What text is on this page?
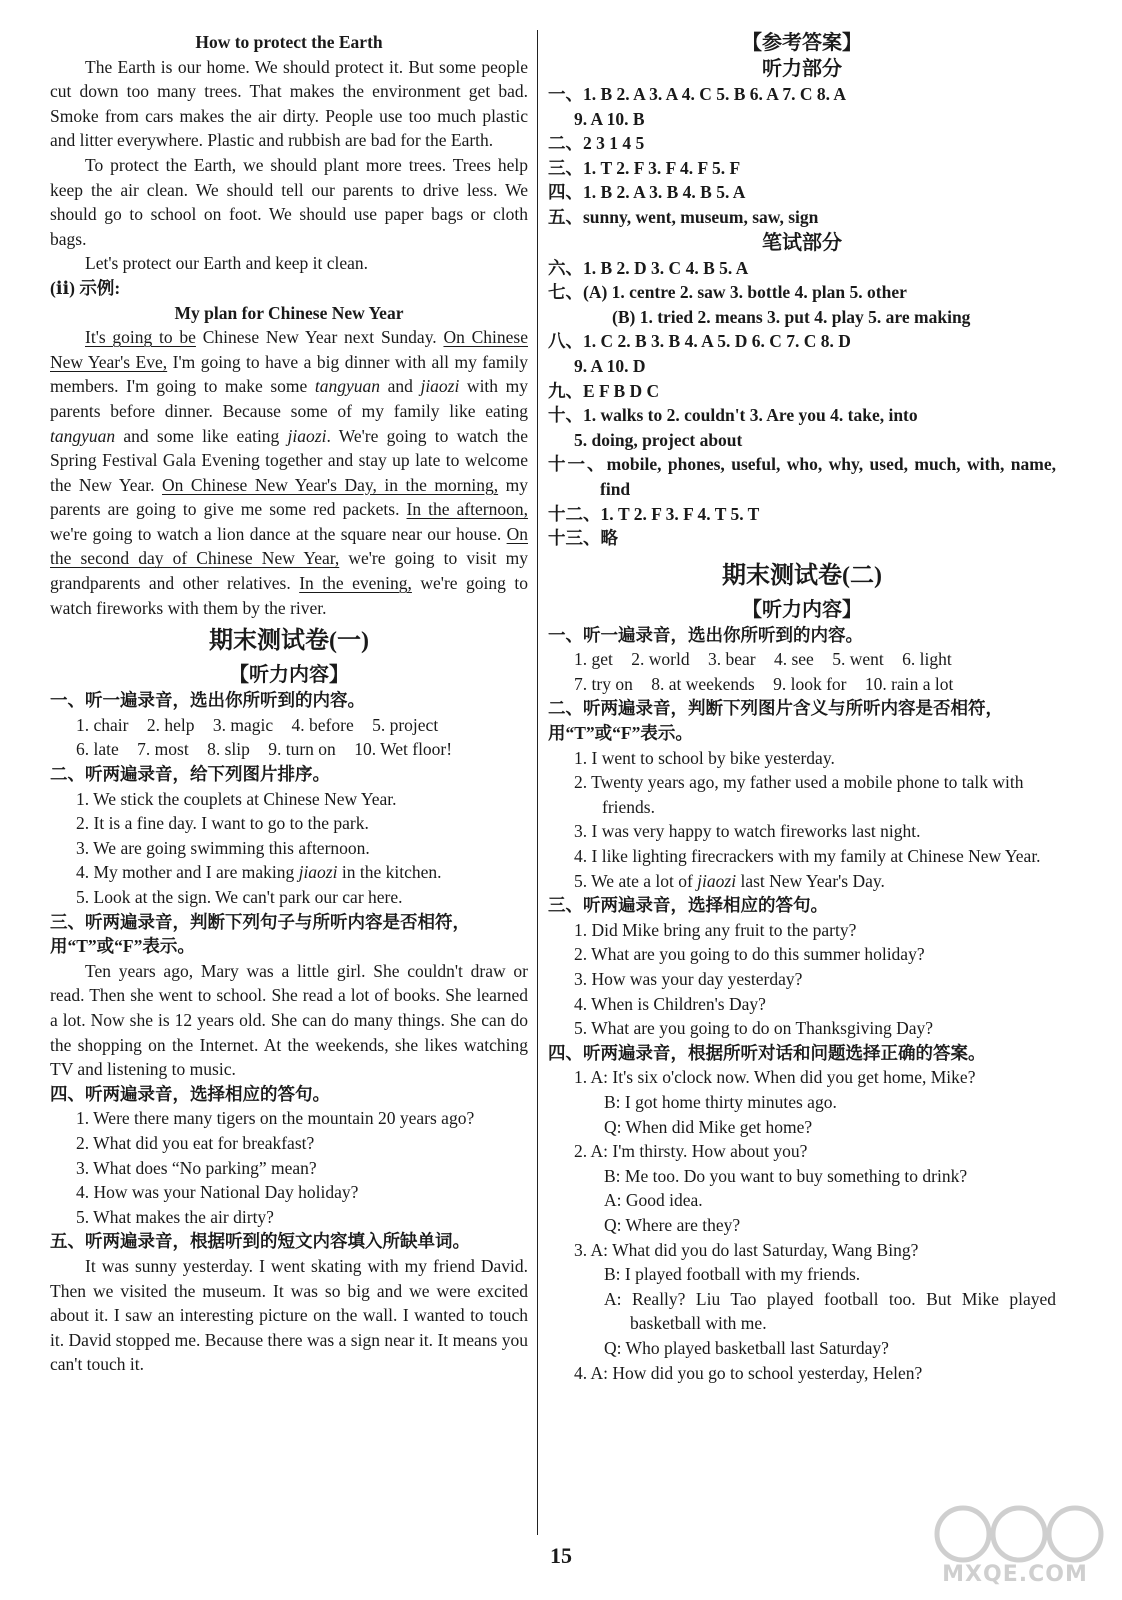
How to protect the Earth

The Earth is our home. We should protect it. But some people cut down too many trees. That makes the environment get bad. Smoke from cars makes the air dirty. People use too much plastic and litter everywhere. Plastic and rubbish are bad for the Earth.

To protect the Earth, we should plant more trees. Trees help keep the air clean. We should tell our parents to drive less. We should go to school on foot. We should use paper bags or cloth bags.

Let's protect our Earth and keep it clean.

(ⅱ) 示例:

My plan for Chinese New Year

It's going to be Chinese New Year next Sunday. On Chinese New Year's Eve, I'm going to have a big dinner with all my family members. I'm going to make some tangyuan and jiaozi with my parents before dinner. Because some of my family like eating tangyuan and some like eating jiaozi. We're going to watch the Spring Festival Gala Evening together and stay up late to welcome the New Year. On Chinese New Year's Day, in the morning, my parents are going to give me some red packets. In the afternoon, we're going to watch a lion dance at the square near our house. On the second day of Chinese New Year, we're going to visit my grandparents and other relatives. In the evening, we're going to watch fireworks with them by the river.

期末测试卷(一)

【听力内容】

一、听一遍录音，选出你所听到的内容。

1. chair 2. help 3. magic 4. before 5. project

6. late 7. most 8. slip 9. turn on 10. Wet floor!

二、听两遍录音，给下列图片排序。

1. We stick the couplets at Chinese New Year.

2. It is a fine day. I want to go to the park.

3. We are going swimming this afternoon.

4. My mother and I are making jiaozi in the kitchen.

5. Look at the sign. We can't park our car here.

三、听两遍录音，判断下列句子与所听内容是否相符，用“T”或“F”表示。

Ten years ago, Mary was a little girl. She couldn't draw or read. Then she went to school. She read a lot of books. She learned a lot. Now she is 12 years old. She can do many things. She can do the shopping on the Internet. At the weekends, she likes watching TV and listening to music.

四、听两遍录音，选择相应的答句。

1. Were there many tigers on the mountain 20 years ago?

2. What did you eat for breakfast?

3. What does “No parking” mean?

4. How was your National Day holiday?

5. What makes the air dirty?

五、听两遍录音，根据听到的短文内容填入所缺单词。

It was sunny yesterday. I went skating with my friend David. Then we visited the museum. It was so big and we were excited about it. I saw an interesting picture on the wall. I wanted to touch it. David stopped me. Because there was a sign near it. It means you can't touch it.

【参考答案】

听力部分

一、1. B 2. A 3. A 4. C 5. B 6. A 7. C 8. A

9. A 10. B

二、2 3 1 4 5

三、1. T 2. F 3. F 4. F 5. F

四、1. B 2. A 3. B 4. B 5. A

五、sunny, went, museum, saw, sign

笔试部分

六、1. B 2. D 3. C 4. B 5. A

七、(A) 1. centre 2. saw 3. bottle 4. plan 5. other

(B) 1. tried 2. means 3. put 4. play 5. are making

八、1. C 2. B 3. B 4. A 5. D 6. C 7. C 8. D

9. A 10. D

九、E F B D C

十、1. walks to 2. couldn't 3. Are you 4. take, into

5. doing, project about

十一、mobile, phones, useful, who, why, used, much, with, name, find

十二、1. T 2. F 3. F 4. T 5. T

十三、略

期末测试卷(二)

【听力内容】

一、听一遍录音，选出你所听到的内容。

1. get 2. world 3. bear 4. see 5. went 6. light

7. try on 8. at weekends 9. look for 10. rain a lot

二、听两遍录音，判断下列图片含义与所听内容是否相符，用“T”或“F”表示。

1. I went to school by bike yesterday.

2. Twenty years ago, my father used a mobile phone to talk with friends.

3. I was very happy to watch fireworks last night.

4. I like lighting firecrackers with my family at Chinese New Year.

5. We ate a lot of jiaozi last New Year's Day.

三、听两遍录音，选择相应的答句。

1. Did Mike bring any fruit to the party?

2. What are you going to do this summer holiday?

3. How was your day yesterday?

4. When is Children's Day?

5. What are you going to do on Thanksgiving Day?

四、听两遍录音，根据所听对话和问题选择正确的答案。

1. A: It's six o'clock now. When did you get home, Mike?

B: I got home thirty minutes ago.

Q: When did Mike get home?

2. A: I'm thirsty. How about you?

B: Me too. Do you want to buy something to drink?

A: Good idea.

Q: Where are they?

3. A: What did you do last Saturday, Wang Bing?

B: I played football with my friends.

A: Really? Liu Tao played football too. But Mike played basketball with me.

Q: Who played basketball last Saturday?

4. A: How did you go to school yesterday, Helen?

15
MXQE.COM
